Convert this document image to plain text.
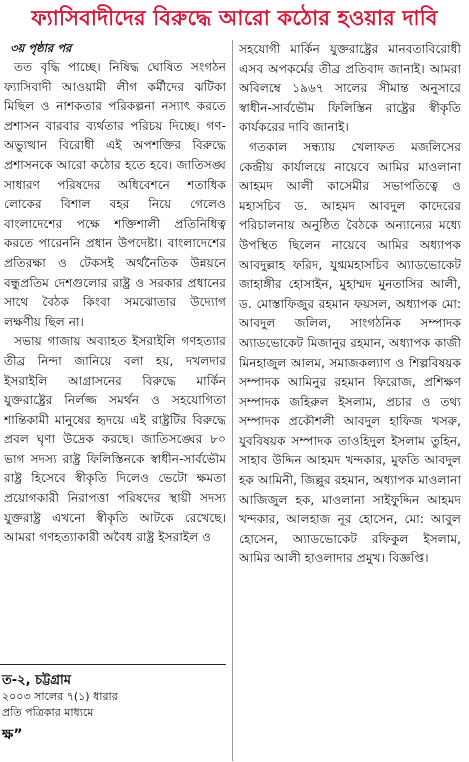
ফ্যাসিবাদীদের বিরুদ্ধে আরো কঠোর হওয়ার দাবি
৩য় পৃষ্ঠার পর

তত বৃদ্ধি পাচ্ছে। নিষিদ্ধ ঘোষিত সংগঠন ফ্যাসিবাদী আওয়ামী লীগ কর্মীদের ঝটিকা মিছিল ও নাশকতার পরিকল্পনা নস্যাৎ করতে প্রশাসন বারবার ব্যর্থতার পরিচয় দিচ্ছে। গণ-অভ্যুত্থান বিরোধী এই অপশক্তির বিরুদ্ধে প্রশাসনকে আরো কঠোর হতে হবে। জাতিসঙ্ঘ সাধারণ পরিষদের অধিবেশনে শতাধিক লোকের বিশাল বহর নিয়ে গেলেও বাংলাদেশের পক্ষে শক্তিশালী প্রতিনিধিত্ব করতে পারেননি প্রধান উপদেষ্টা। বাংলাদেশের প্রতিরক্ষা ও টেকসই অর্থনৈতিক উন্নয়নে বন্ধুপ্রতিম দেশগুলোর রাষ্ট্র ও সরকার প্রধানের সাথে বৈঠক কিংবা সমঝোতার উদ্যোগ লক্ষণীয় ছিল না।

সভায় গাজায় অব্যাহত ইসরাইলি গণহত্যার তীব্র নিন্দা জানিয়ে বলা হয়, দখলদার ইসরাইলি আগ্রাসনের বিরুদ্ধে মার্কিন যুক্তরাষ্ট্রের নির্লজ্জ সমর্থন ও সহযোগিতা শান্তিকামী মানুষের হৃদয়ে এই রাষ্ট্রটির বিরুদ্ধে প্রবল ঘৃণা উদ্রেক করছে। জাতিসঙ্ঘের ৮০ ভাগ সদস্য রাষ্ট্র ফিলিস্তিনকে স্বাধীন-সার্বভৌম রাষ্ট্র হিসেবে স্বীকৃতি দিলেও ভেটো ক্ষমতা প্রয়োগকারী নিরাপত্তা পরিষদের স্থায়ী সদস্য যুক্তরাষ্ট্র এখনো স্বীকৃতি আটকে রেখেছে। আমরা গণহত্যাকারী অবৈধ রাষ্ট্র ইসরাইল ও

সহযোগী মার্কিন যুক্তরাষ্ট্রের মানবতাবিরোধী এসব অপকর্মের তীব্র প্রতিবাদ জানাই। আমরা অবিলম্বে ১৯৬৭ সালের সীমান্ত অনুসারে স্বাধীন-সার্বভৌম ফিলিস্তিন রাষ্ট্রের স্বীকৃতি কার্যকরের দাবি জানাই।

গতকাল সন্ধ্যায় খেলাফত মজলিসের কেন্দ্রীয় কার্যালয়ে নায়েবে আমির মাওলানা আহমদ আলী কাসেমীর সভাপতিত্বে ও মহাসচিব ড. আহমদ আবদুল কাদেরের পরিচালনায় অনুষ্ঠিত বৈঠকে অন্যান্যের মধ্যে উপস্থিত ছিলেন নায়েবে আমির অধ্যাপক আবদুল্লাহ ফরিদ, যুগ্মমহাসচিব অ্যাডভোকেট জাহাঙ্গীর হোসাইন, মুহাম্মদ মুনতাসির আলী, ড. মোস্তাফিজুর রহমান ফয়সল, অধ্যাপক মো: আবদুল জলিল, সাংগঠনিক সম্পাদক অ্যাডভোকেট মিজানুর রহমান, অধ্যাপক কাজী মিনহাজুল আলম, সমাজকল্যাণ ও শিল্পবিষয়ক সম্পাদক আমিনুর রহমান ফিরোজ, প্রশিক্ষণ সম্পাদক জহিরুল ইসলাম, প্রচার ও তথ্য সম্পাদক প্রকৌশলী আবদুল হাফিজ খসরু, যুববিষয়ক সম্পাদক তাওহিদুল ইসলাম তুহিন, সাহাব উদ্দিন আহমদ খন্দকার, মুফতি আবদুল হক আমিনী, জিল্লুর রহমান, অধ্যাপক মাওলানা আজিজুল হক, মাওলানা সাইফুদ্দিন আহমদ খন্দকার, আলহাজ নূর হোসেন, মো: আবুল হোসেন, অ্যাডভোকেট রফিকুল ইসলাম, আমির আলী হাওলাদার প্রমুখ। বিজ্ঞপ্তি।

ত-২, চট্টগ্রাম
২০০৩ সালের ৭(১) ধারার
প্রতি পত্রিকার মাধ্যমে
ক্ষ”
